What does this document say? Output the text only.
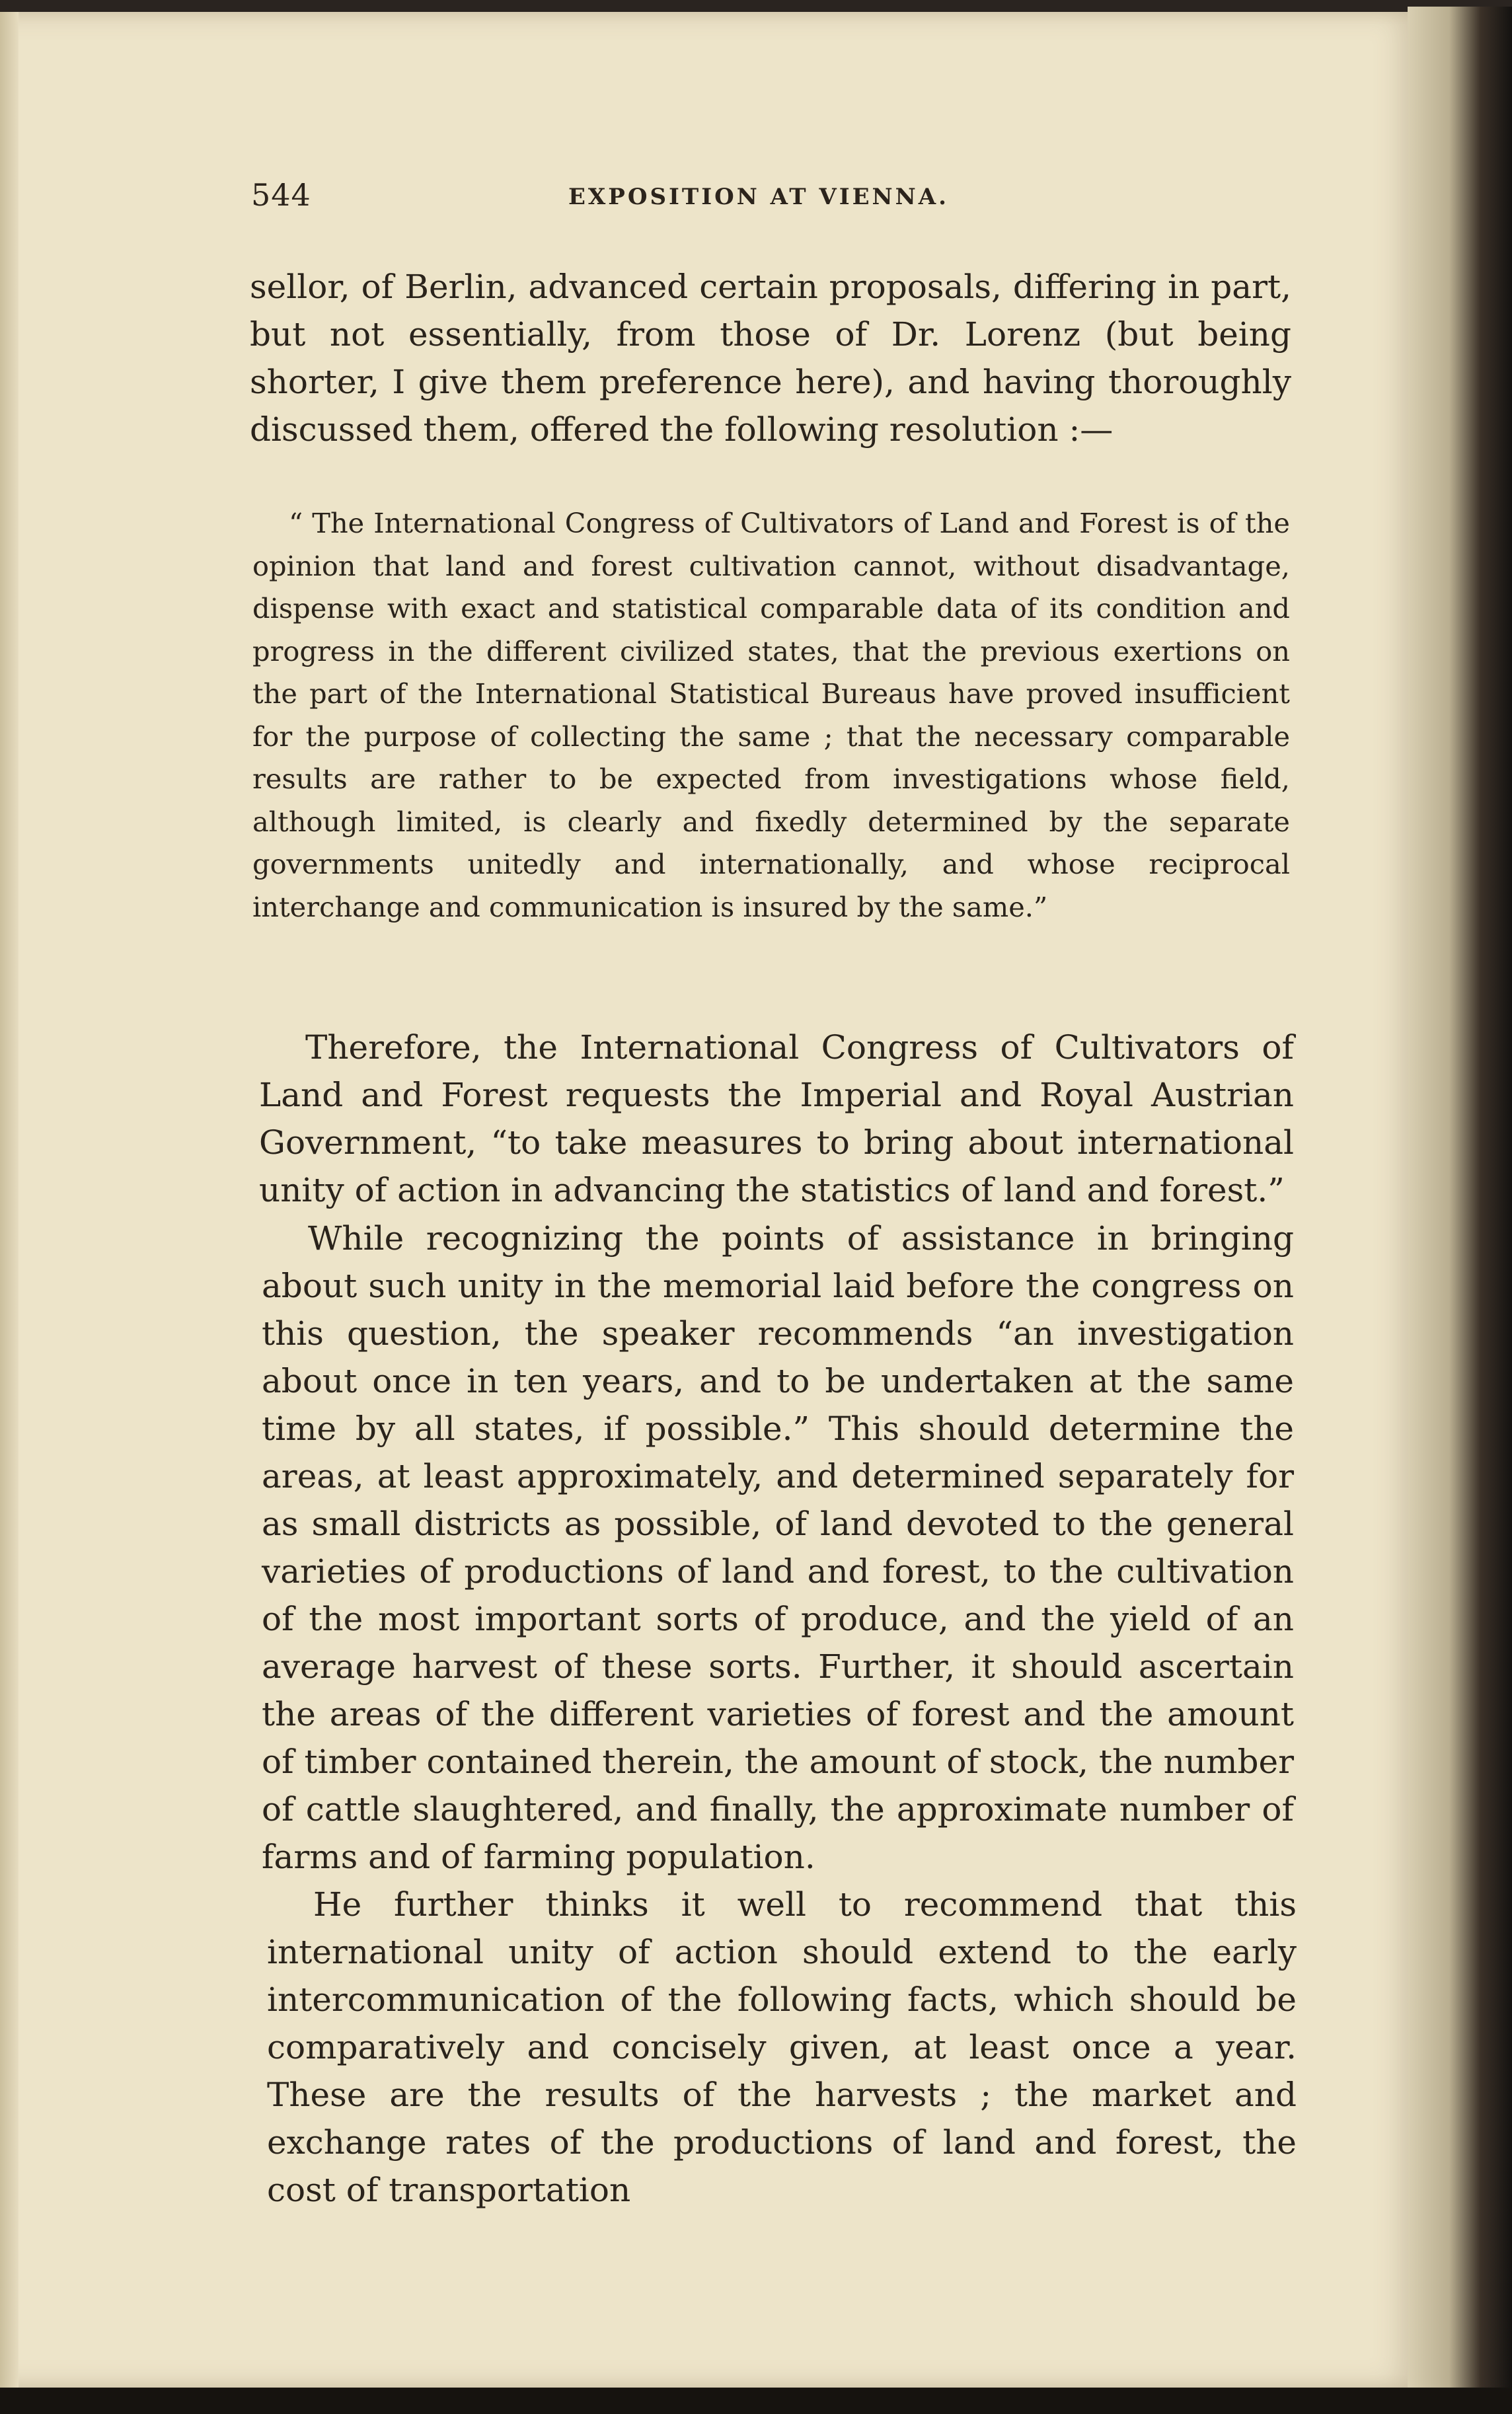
544	EXPOSITION AT VIENNA.

sellor, of Berlin, advanced certain proposals, differing in part, but not essentially, from those of Dr. Lorenz (but being shorter, I give them preference here), and having thoroughly discussed them, offered the following resolution :—

“ The International Congress of Cultivators of Land and Forest is of the opinion that land and forest cultivation cannot, without disadvantage, dispense with exact and statistical comparable data of its condition and progress in the different civilized states, that the previous exertions on the part of the International Statistical Bureaus have proved insufficient for the purpose of collecting the same ; that the necessary comparable results are rather to be expected from investigations whose field, although limited, is clearly and fixedly determined by the separate governments unitedly and internationally, and whose reciprocal interchange and communication is insured by the same.”

Therefore, the International Congress of Cultivators of Land and Forest requests the Imperial and Royal Austrian Government, “to take measures to bring about international unity of action in advancing the statistics of land and forest.”

While recognizing the points of assistance in bringing about such unity in the memorial laid before the congress on this question, the speaker recommends “an investigation about once in ten years, and to be undertaken at the same time by all states, if possible.” This should determine the areas, at least approximately, and determined separately for as small districts as possible, of land devoted to the general varieties of productions of land and forest, to the cultivation of the most important sorts of produce, and the yield of an average harvest of these sorts. Further, it should ascertain the areas of the different varieties of forest and the amount of timber contained therein, the amount of stock, the number of cattle slaughtered, and finally, the approximate number of farms and of farming population.

He further thinks it well to recommend that this international unity of action should extend to the early intercommunication of the following facts, which should be comparatively and concisely given, at least once a year. These are the results of the harvests ; the market and exchange rates of the productions of land and forest, the cost of transportation
